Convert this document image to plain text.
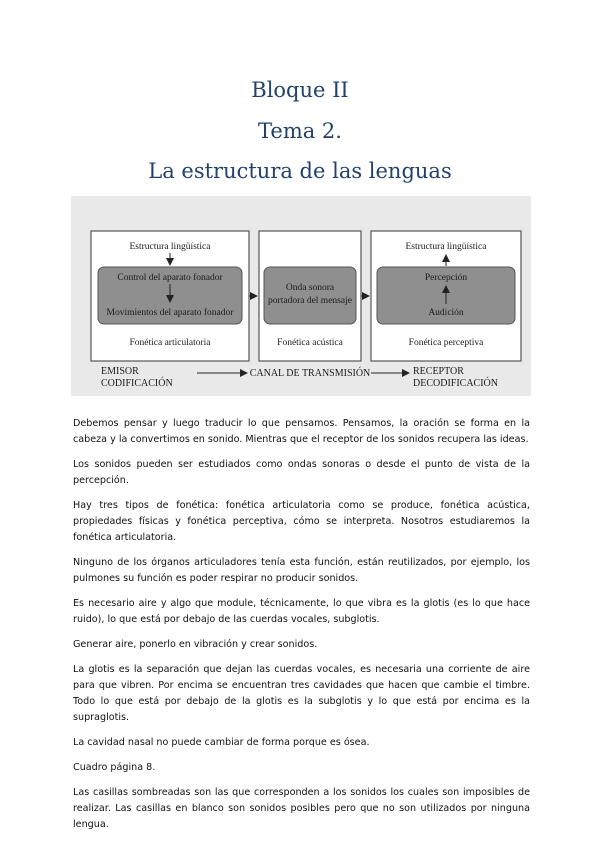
Bloque II
Tema 2.
La estructura de las lenguas
Estructura lingüística
Control del aparato fonador
Movimientos del aparato fonador
Fonética articulatoria
Onda sonora
portadora del mensaje
Fonética acústica
Estructura lingüística
Percepción
Audición
Fonética perceptiva
EMISOR
CODIFICACIÓN
CANAL DE TRANSMISIÓN	RECEPTOR
DECODIFICACIÓN

Debemos pensar y luego traducir lo que pensamos. Pensamos, la oración se forma en la cabeza y la convertimos en sonido. Mientras que el receptor de los sonidos recupera las ideas.

Los sonidos pueden ser estudiados como ondas sonoras o desde el punto de vista de la percepción.

Hay tres tipos de fonética: fonética articulatoria como se produce, fonética acústica, propiedades físicas y fonética perceptiva, cómo se interpreta. Nosotros estudiaremos la fonética articulatoria.

Ninguno de los órganos articuladores tenía esta función, están reutilizados, por ejemplo, los pulmones su función es poder respirar no producir sonidos.

Es necesario aire y algo que module, técnicamente, lo que vibra es la glotis (es lo que hace ruido), lo que está por debajo de las cuerdas vocales, subglotis.

Generar aire, ponerlo en vibración y crear sonidos.

La glotis es la separación que dejan las cuerdas vocales, es necesaria una corriente de aire para que vibren. Por encima se encuentran tres cavidades que hacen que cambie el timbre. Todo lo que está por debajo de la glotis es la subglotis y lo que está por encima es la supraglotis.

La cavidad nasal no puede cambiar de forma porque es ósea.

Cuadro página 8.

Las casillas sombreadas son las que corresponden a los sonidos los cuales son imposibles de realizar. Las casillas en blanco son sonidos posibles pero que no son utilizados por ninguna lengua.
